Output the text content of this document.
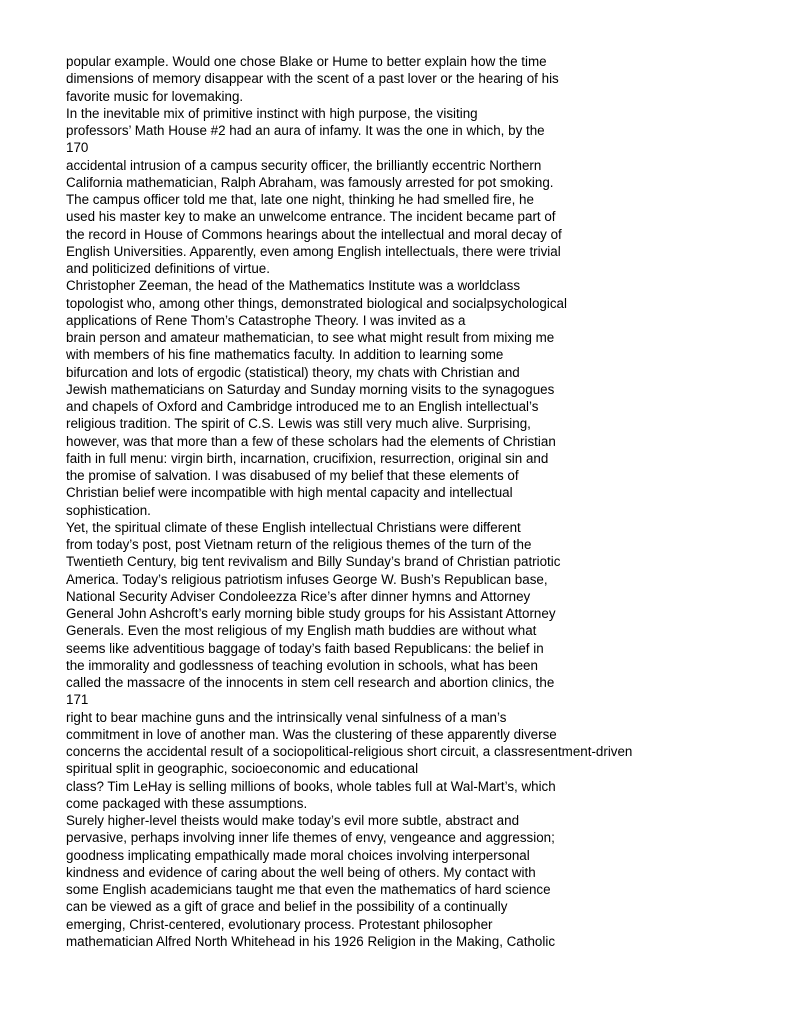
popular example. Would one chose Blake or Hume to better explain how the time
dimensions of memory disappear with the scent of a past lover or the hearing of his
favorite music for lovemaking.
In the inevitable mix of primitive instinct with high purpose, the visiting
professors’ Math House #2 had an aura of infamy. It was the one in which, by the
170
accidental intrusion of a campus security officer, the brilliantly eccentric Northern
California mathematician, Ralph Abraham, was famously arrested for pot smoking.
The campus officer told me that, late one night, thinking he had smelled fire, he
used his master key to make an unwelcome entrance. The incident became part of
the record in House of Commons hearings about the intellectual and moral decay of
English Universities. Apparently, even among English intellectuals, there were trivial
and politicized definitions of virtue.
Christopher Zeeman, the head of the Mathematics Institute was a worldclass
topologist who, among other things, demonstrated biological and socialpsychological
applications of Rene Thom’s Catastrophe Theory. I was invited as a
brain person and amateur mathematician, to see what might result from mixing me
with members of his fine mathematics faculty. In addition to learning some
bifurcation and lots of ergodic (statistical) theory, my chats with Christian and
Jewish mathematicians on Saturday and Sunday morning visits to the synagogues
and chapels of Oxford and Cambridge introduced me to an English intellectual’s
religious tradition. The spirit of C.S. Lewis was still very much alive. Surprising,
however, was that more than a few of these scholars had the elements of Christian
faith in full menu: virgin birth, incarnation, crucifixion, resurrection, original sin and
the promise of salvation. I was disabused of my belief that these elements of
Christian belief were incompatible with high mental capacity and intellectual
sophistication.
Yet, the spiritual climate of these English intellectual Christians were different
from today’s post, post Vietnam return of the religious themes of the turn of the
Twentieth Century, big tent revivalism and Billy Sunday’s brand of Christian patriotic
America. Today’s religious patriotism infuses George W. Bush’s Republican base,
National Security Adviser Condoleezza Rice’s after dinner hymns and Attorney
General John Ashcroft’s early morning bible study groups for his Assistant Attorney
Generals. Even the most religious of my English math buddies are without what
seems like adventitious baggage of today’s faith based Republicans: the belief in
the immorality and godlessness of teaching evolution in schools, what has been
called the massacre of the innocents in stem cell research and abortion clinics, the
171
right to bear machine guns and the intrinsically venal sinfulness of a man’s
commitment in love of another man. Was the clustering of these apparently diverse
concerns the accidental result of a sociopolitical-religious short circuit, a classresentment-driven
spiritual split in geographic, socioeconomic and educational
class? Tim LeHay is selling millions of books, whole tables full at Wal-Mart’s, which
come packaged with these assumptions.
Surely higher-level theists would make today’s evil more subtle, abstract and
pervasive, perhaps involving inner life themes of envy, vengeance and aggression;
goodness implicating empathically made moral choices involving interpersonal
kindness and evidence of caring about the well being of others. My contact with
some English academicians taught me that even the mathematics of hard science
can be viewed as a gift of grace and belief in the possibility of a continually
emerging, Christ-centered, evolutionary process. Protestant philosopher
mathematician Alfred North Whitehead in his 1926 Religion in the Making, Catholic
